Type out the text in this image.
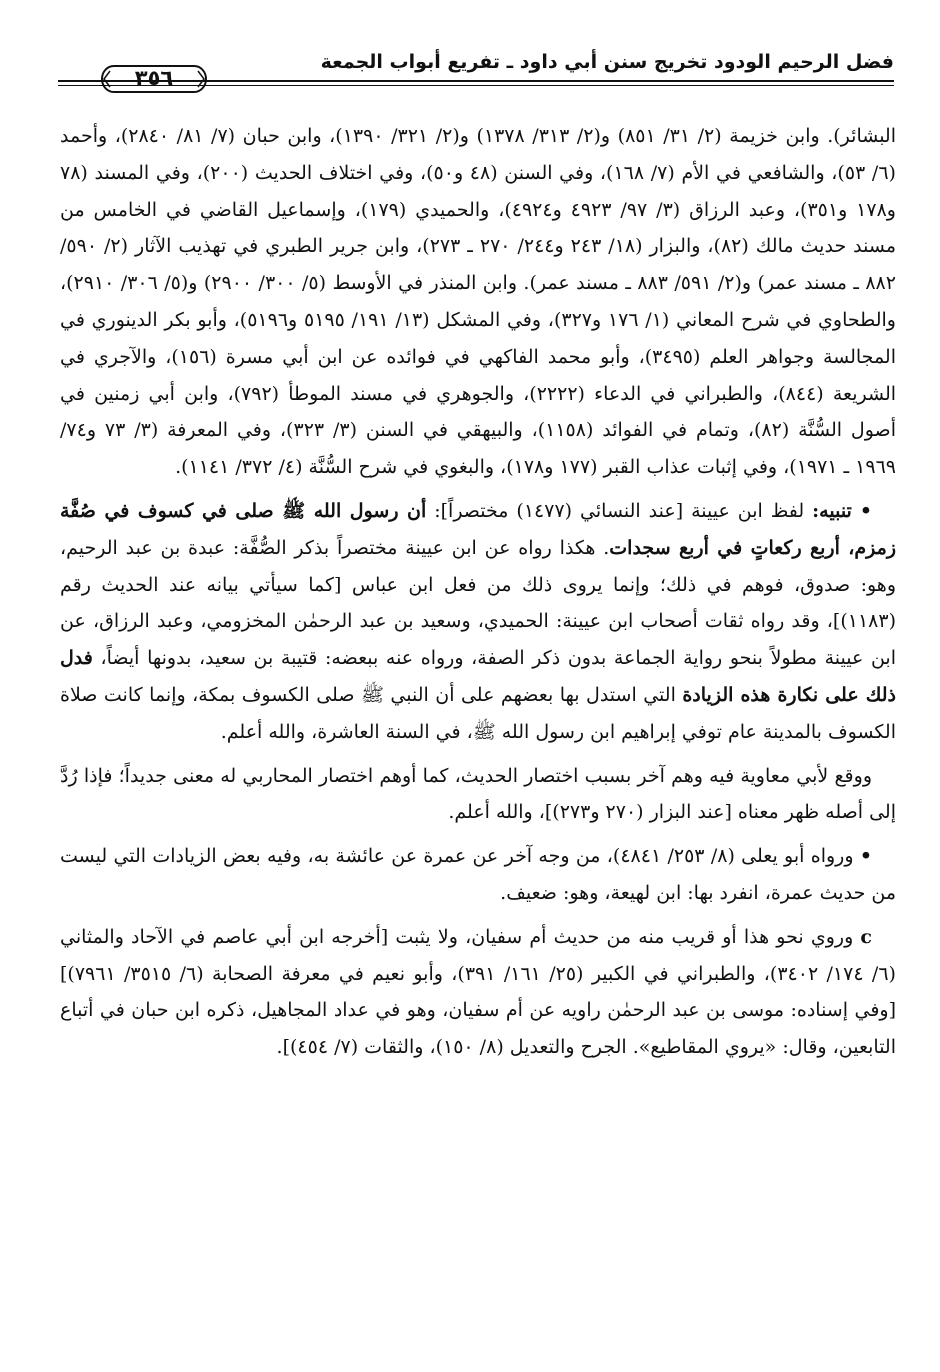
فضل الرحيم الودود تخريج سنن أبي داود ـ تفريع أبواب الجمعة
٣٥٦

البشائر). وابن خزيمة (٢/ ٣١/ ٨٥١) و(٢/ ٣١٣/ ١٣٧٨) و(٢/ ٣٢١/ ١٣٩٠)، وابن حبان (٧/ ٨١/ ٢٨٤٠)، وأحمد (٦/ ٥٣)، والشافعي في الأم (٧/ ١٦٨)، وفي السنن (٤٨ و٥٠)، وفي اختلاف الحديث (٢٠٠)، وفي المسند (٧٨ و١٧٨ و٣٥١)، وعبد الرزاق (٣/ ٩٧/ ٤٩٢٣ و٤٩٢٤)، والحميدي (١٧٩)، وإسماعيل القاضي في الخامس من مسند حديث مالك (٨٢)، والبزار (١٨/ ٢٤٣ و٢٤٤/ ٢٧٠ ـ ٢٧٣)، وابن جرير الطبري في تهذيب الآثار (٢/ ٥٩٠/ ٨٨٢ ـ مسند عمر) و(٢/ ٥٩١/ ٨٨٣ ـ مسند عمر). وابن المنذر في الأوسط (٥/ ٣٠٠/ ٢٩٠٠) و(٥/ ٣٠٦/ ٢٩١٠)، والطحاوي في شرح المعاني (١/ ١٧٦ و٣٢٧)، وفي المشكل (١٣/ ١٩١/ ٥١٩٥ و٥١٩٦)، وأبو بكر الدينوري في المجالسة وجواهر العلم (٣٤٩٥)، وأبو محمد الفاكهي في فوائده عن ابن أبي مسرة (١٥٦)، والآجري في الشريعة (٨٤٤)، والطبراني في الدعاء (٢٢٢٢)، والجوهري في مسند الموطأ (٧٩٢)، وابن أبي زمنين في أصول السُّنَّة (٨٢)، وتمام في الفوائد (١١٥٨)، والبيهقي في السنن (٣/ ٣٢٣)، وفي المعرفة (٣/ ٧٣ و٧٤/ ١٩٦٩ ـ ١٩٧١)، وفي إثبات عذاب القبر (١٧٧ و١٧٨)، والبغوي في شرح السُّنَّة (٤/ ٣٧٢/ ١١٤١).

• تنبيه: لفظ ابن عيينة [عند النسائي (١٤٧٧) مختصراً]: أن رسول الله ﷺ صلى في كسوف في صُفَّة زمزم، أربع ركعاتٍ في أربع سجدات. هكذا رواه عن ابن عيينة مختصراً بذكر الصُّفَّة: عبدة بن عبد الرحيم، وهو: صدوق، فوهم في ذلك؛ وإنما يروى ذلك من فعل ابن عباس [كما سيأتي بيانه عند الحديث رقم (١١٨٣)]، وقد رواه ثقات أصحاب ابن عيينة: الحميدي، وسعيد بن عبد الرحمٰن المخزومي، وعبد الرزاق، عن ابن عيينة مطولاً بنحو رواية الجماعة بدون ذكر الصفة، ورواه عنه ببعضه: قتيبة بن سعيد، بدونها أيضاً، فدل ذلك على نكارة هذه الزيادة التي استدل بها بعضهم على أن النبي ﷺ صلى الكسوف بمكة، وإنما كانت صلاة الكسوف بالمدينة عام توفي إبراهيم ابن رسول الله ﷺ، في السنة العاشرة، والله أعلم.

ووقع لأبي معاوية فيه وهم آخر بسبب اختصار الحديث، كما أوهم اختصار المحاربي له معنى جديداً؛ فإذا رُدَّ إلى أصله ظهر معناه [عند البزار (٢٧٠ و٢٧٣)]، والله أعلم.

• ورواه أبو يعلى (٨/ ٢٥٣/ ٤٨٤١)، من وجه آخر عن عمرة عن عائشة به، وفيه بعض الزيادات التي ليست من حديث عمرة، انفرد بها: ابن لهيعة، وهو: ضعيف.

c وروي نحو هذا أو قريب منه من حديث أم سفيان، ولا يثبت [أخرجه ابن أبي عاصم في الآحاد والمثاني (٦/ ١٧٤/ ٣٤٠٢)، والطبراني في الكبير (٢٥/ ١٦١/ ٣٩١)، وأبو نعيم في معرفة الصحابة (٦/ ٣٥١٥/ ٧٩٦١)] [وفي إسناده: موسى بن عبد الرحمٰن راويه عن أم سفيان، وهو في عداد المجاهيل، ذكره ابن حبان في أتباع التابعين، وقال: «يروي المقاطيع». الجرح والتعديل (٨/ ١٥٠)، والثقات (٧/ ٤٥٤)].
